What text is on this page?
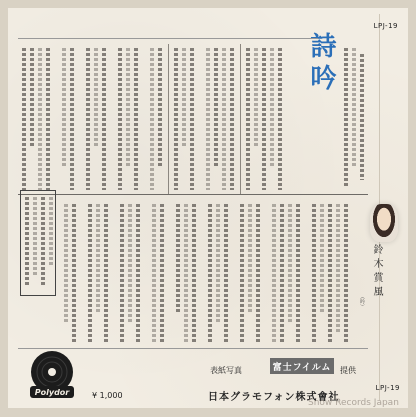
LPJ-19
LPJ-19
詩吟
鈴木賞風
（吟）
表紙写真	富士フイルム	提供
Polydor	¥ 1,000	日本グラモフォン株式會社
Snow Records Japan
